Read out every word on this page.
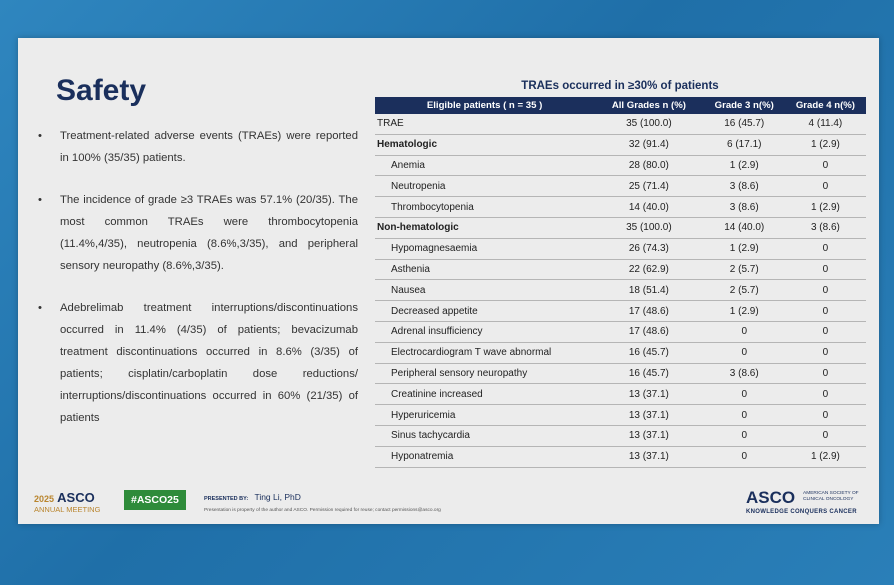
Safety
• Treatment-related adverse events (TRAEs) were reported in 100% (35/35) patients.
• The incidence of grade ≥3 TRAEs was 57.1% (20/35). The most common TRAEs were thrombocytopenia (11.4%,4/35), neutropenia (8.6%,3/35), and peripheral sensory neuropathy (8.6%,3/35).
• Adebrelimab treatment interruptions/discontinuations occurred in 11.4% (4/35) of patients; bevacizumab treatment discontinuations occurred in 8.6% (3/35) of patients; cisplatin/carboplatin dose reductions/ interruptions/discontinuations occurred in 60% (21/35) of patients
TRAEs occurred in ≥30% of patients
Eligible patients ( n = 35 )	All Grades n (%)	Grade 3 n(%)	Grade 4 n(%)
TRAE	35 (100.0)	16 (45.7)	4 (11.4)
Hematologic	32 (91.4)	6 (17.1)	1 (2.9)
Anemia	28 (80.0)	1 (2.9)	0
Neutropenia	25 (71.4)	3 (8.6)	0
Thrombocytopenia	14 (40.0)	3 (8.6)	1 (2.9)
Non-hematologic	35 (100.0)	14 (40.0)	3 (8.6)
Hypomagnesaemia	26 (74.3)	1 (2.9)	0
Asthenia	22 (62.9)	2 (5.7)	0
Nausea	18 (51.4)	2 (5.7)	0
Decreased appetite	17 (48.6)	1 (2.9)	0
Adrenal insufficiency	17 (48.6)	0	0
Electrocardiogram T wave abnormal	16 (45.7)	0	0
Peripheral sensory neuropathy	16 (45.7)	3 (8.6)	0
Creatinine increased	13 (37.1)	0	0
Hyperuricemia	13 (37.1)	0	0
Sinus tachycardia	13 (37.1)	0	0
Hyponatremia	13 (37.1)	0	1 (2.9)
2025 ASCO
ANNUAL MEETING
#ASCO25	PRESENTED BY: Ting Li, PhD
Presentation is property of the author and ASCO. Permission required for reuse; contact permissions@asco.org
ASCO AMERICAN SOCIETY OF CLINICAL ONCOLOGY
KNOWLEDGE CONQUERS CANCER
